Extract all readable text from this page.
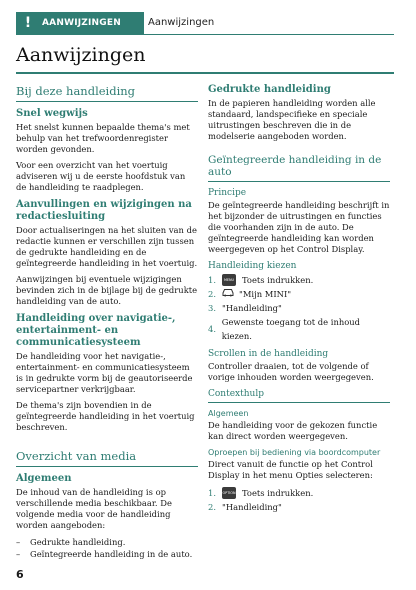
!	AANWIJZINGEN	Aanwijzingen
Aanwijzingen
Bij deze handleiding
Snel wegwijs

Het snelst kunnen bepaalde thema's met behulp van het trefwoordenregister worden gevonden.

Voor een overzicht van het voertuig adviseren wij u de eerste hoofdstuk van de handleiding te raadplegen.

Aanvullingen en wijzigingen na redactiesluiting

Door actualiseringen na het sluiten van de redactie kunnen er verschillen zijn tussen de gedrukte handleiding en de geïntegreerde handleiding in het voertuig.

Aanwijzingen bij eventuele wijzigingen bevinden zich in de bijlage bij de gedrukte handleiding van de auto.

Handleiding over navigatie-, entertainment- en communicatiesysteem

De handleiding voor het navigatie-, entertainment- en communicatiesysteem is in gedrukte vorm bij de geautoriseerde servicepartner verkrijgbaar.

De thema's zijn bovendien in de geïntegreerde handleiding in het voertuig beschreven.

Overzicht van media
Algemeen

De inhoud van de handleiding is op verschillende media beschikbaar. De volgende media voor de handleiding worden aangeboden:

– Gedrukte handleiding.
– Geïntegreerde handleiding in de auto.
Gedrukte handleiding

In de papieren handleiding worden alle standaard, landspecifieke en speciale uitrustingen beschreven die in de modelserie aangeboden worden.

Geïntegreerde handleiding in de auto
Principe

De geïntegreerde handleiding beschrijft in het bijzonder de uitrustingen en functies die voorhanden zijn in de auto. De geïntegreerde handleiding kan worden weergegeven op het Control Display.

Handleiding kiezen
1.	MENU Toets indrukken.
2.	"Mijn MINI"
3. "Handleiding"
4.
Gewenste toegang tot de inhoud kiezen.
Scrollen in de handleiding

Controller draaien, tot de volgende of vorige inhouden worden weergegeven.

Contexthulp
Algemeen

De handleiding voor de gekozen functie kan direct worden weergegeven.

Oproepen bij bediening via boordcomputer

Direct vanuit de functie op het Control Display in het menu Opties selecteren:

1.	OPTION Toets indrukken.
2. "Handleiding"
6
